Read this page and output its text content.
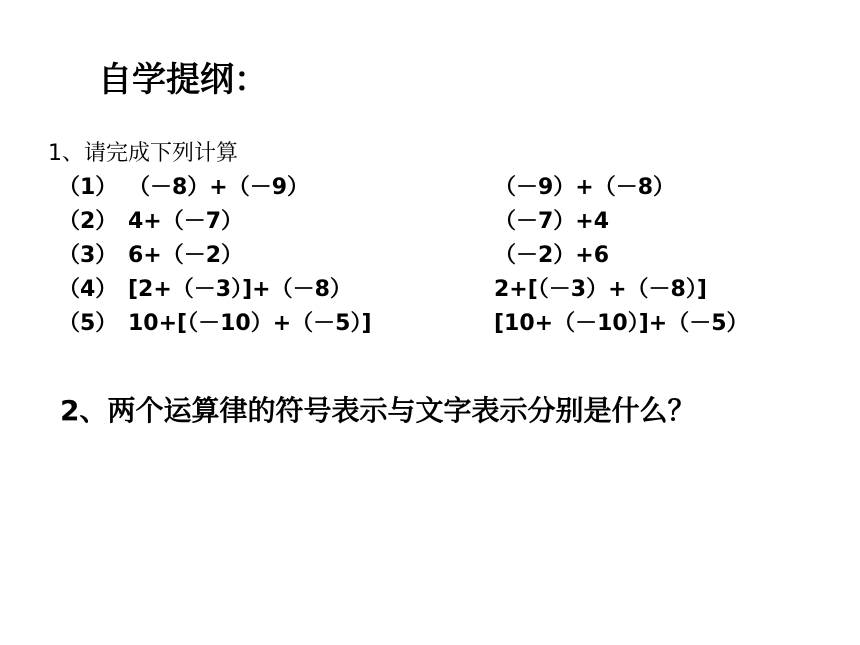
自学提纲：
1、请完成下列计算
（1） （－8）+（－9）	（－9）+（－8）
（2） 4+（－7）	（－7）+4
（3） 6+（－2）	（－2）+6
（4） [2+（－3）]+（－8）	2+[（－3）+（－8）]
（5） 10+[（－10）+（－5）]	[10+（－10）]+（－5）
2、两个运算律的符号表示与文字表示分别是什么？
